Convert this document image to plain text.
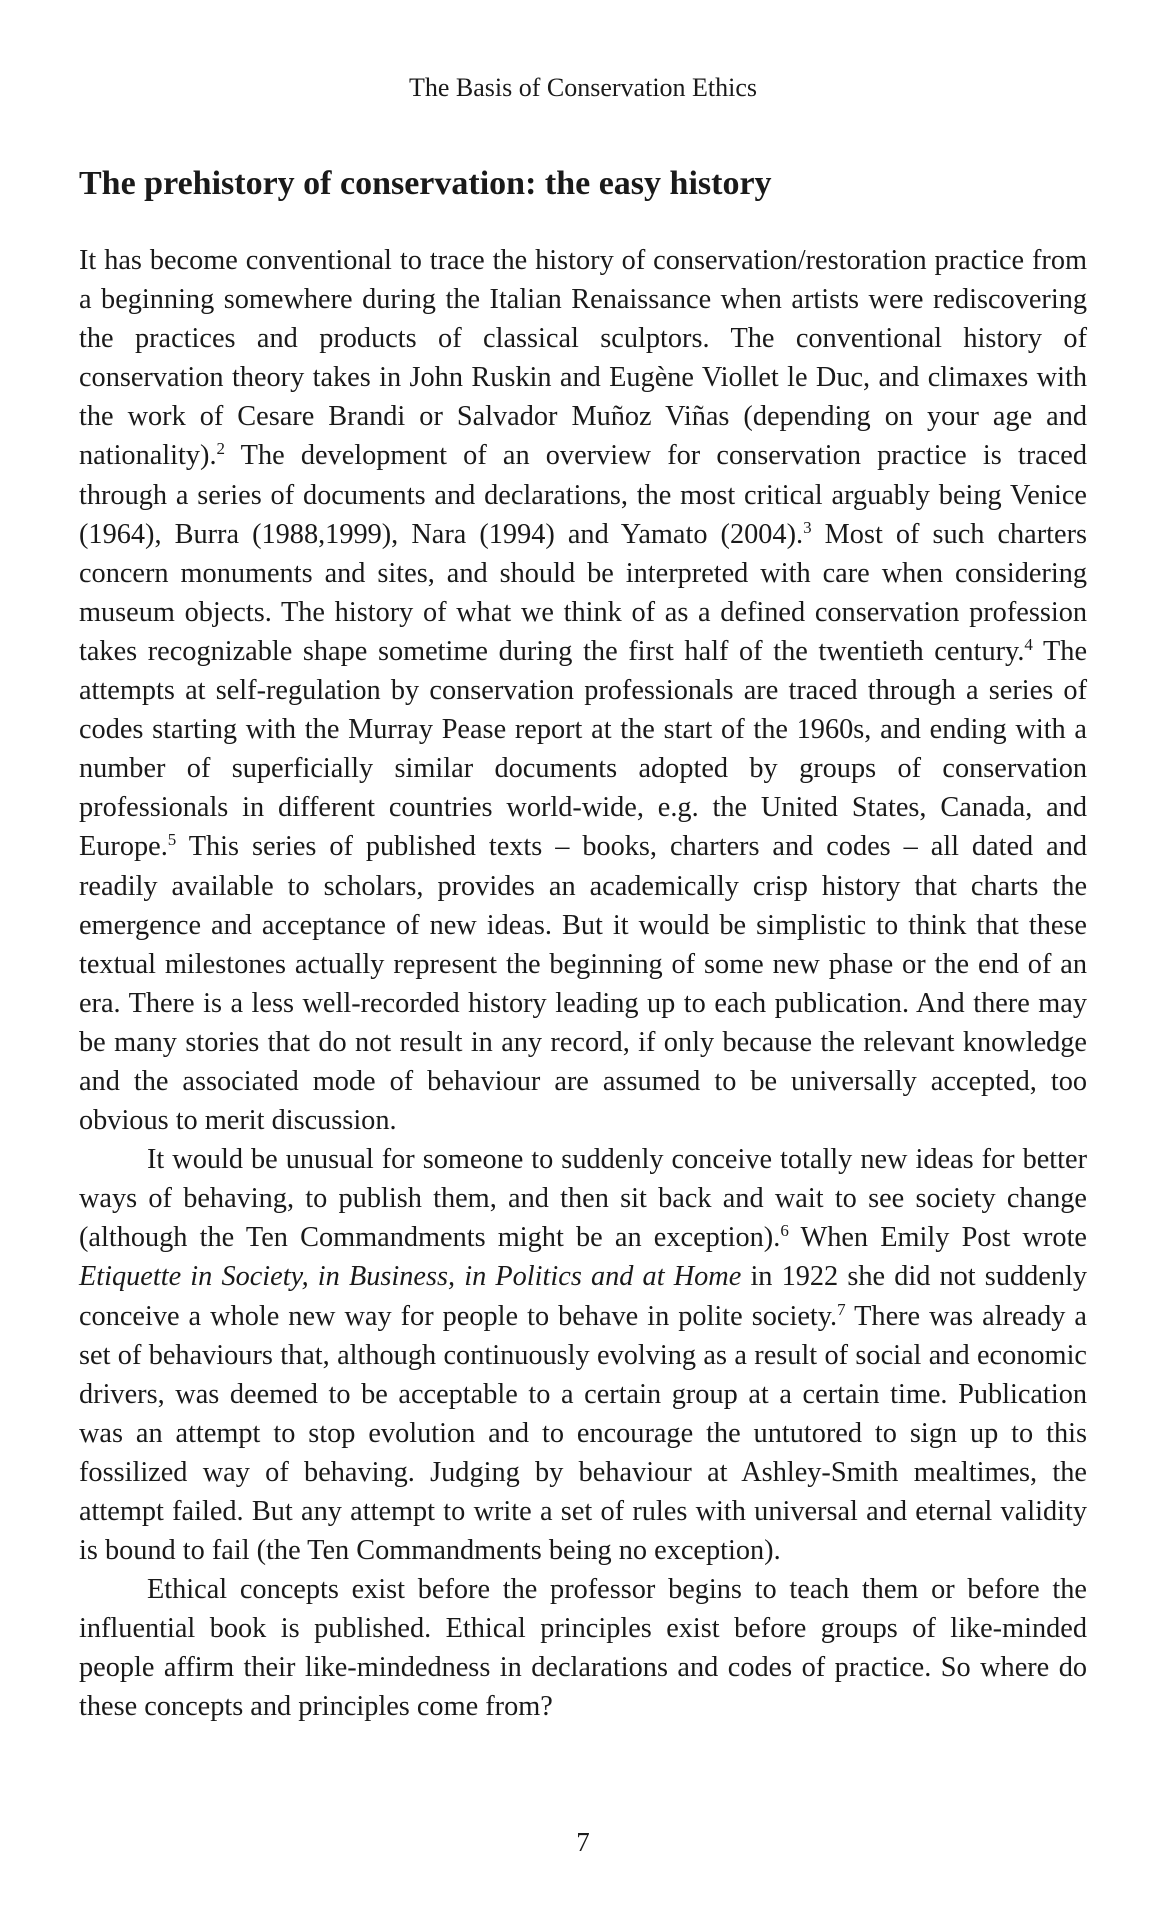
The Basis of Conservation Ethics
The prehistory of conservation: the easy history

It has become conventional to trace the history of conservation/restoration practice from a beginning somewhere during the Italian Renaissance when artists were rediscovering the practices and products of classical sculptors. The conventional history of conservation theory takes in John Ruskin and Eugène Viollet le Duc, and climaxes with the work of Cesare Brandi or Salvador Muñoz Viñas (depending on your age and nationality).$^2$ The development of an overview for conservation practice is traced through a series of documents and declarations, the most critical arguably being Venice (1964), Burra (1988,1999), Nara (1994) and Yamato (2004).$^3$ Most of such charters concern monuments and sites, and should be interpreted with care when considering museum objects. The history of what we think of as a defined conservation profession takes recognizable shape sometime during the first half of the twentieth century.$^4$ The attempts at self-regulation by conservation professionals are traced through a series of codes starting with the Murray Pease report at the start of the 1960s, and ending with a number of superficially similar documents adopted by groups of conservation professionals in different countries world-wide, e.g. the United States, Canada, and Europe.$^5$ This series of published texts – books, charters and codes – all dated and readily available to scholars, provides an academically crisp history that charts the emergence and acceptance of new ideas. But it would be simplistic to think that these textual milestones actually represent the beginning of some new phase or the end of an era. There is a less well-recorded history leading up to each publication. And there may be many stories that do not result in any record, if only because the relevant knowledge and the associated mode of behaviour are assumed to be universally accepted, too obvious to merit discussion.

It would be unusual for someone to suddenly conceive totally new ideas for better ways of behaving, to publish them, and then sit back and wait to see society change (although the Ten Commandments might be an exception).$^6$ When Emily Post wrote Etiquette in Society, in Business, in Politics and at Home in 1922 she did not suddenly conceive a whole new way for people to behave in polite society.$^7$ There was already a set of behaviours that, although continuously evolving as a result of social and economic drivers, was deemed to be acceptable to a certain group at a certain time. Publication was an attempt to stop evolution and to encourage the untutored to sign up to this fossilized way of behaving. Judging by behaviour at Ashley-Smith mealtimes, the attempt failed. But any attempt to write a set of rules with universal and eternal validity is bound to fail (the Ten Commandments being no exception).

Ethical concepts exist before the professor begins to teach them or before the influential book is published. Ethical principles exist before groups of like-minded people affirm their like-mindedness in declarations and codes of practice. So where do these concepts and principles come from?

7
